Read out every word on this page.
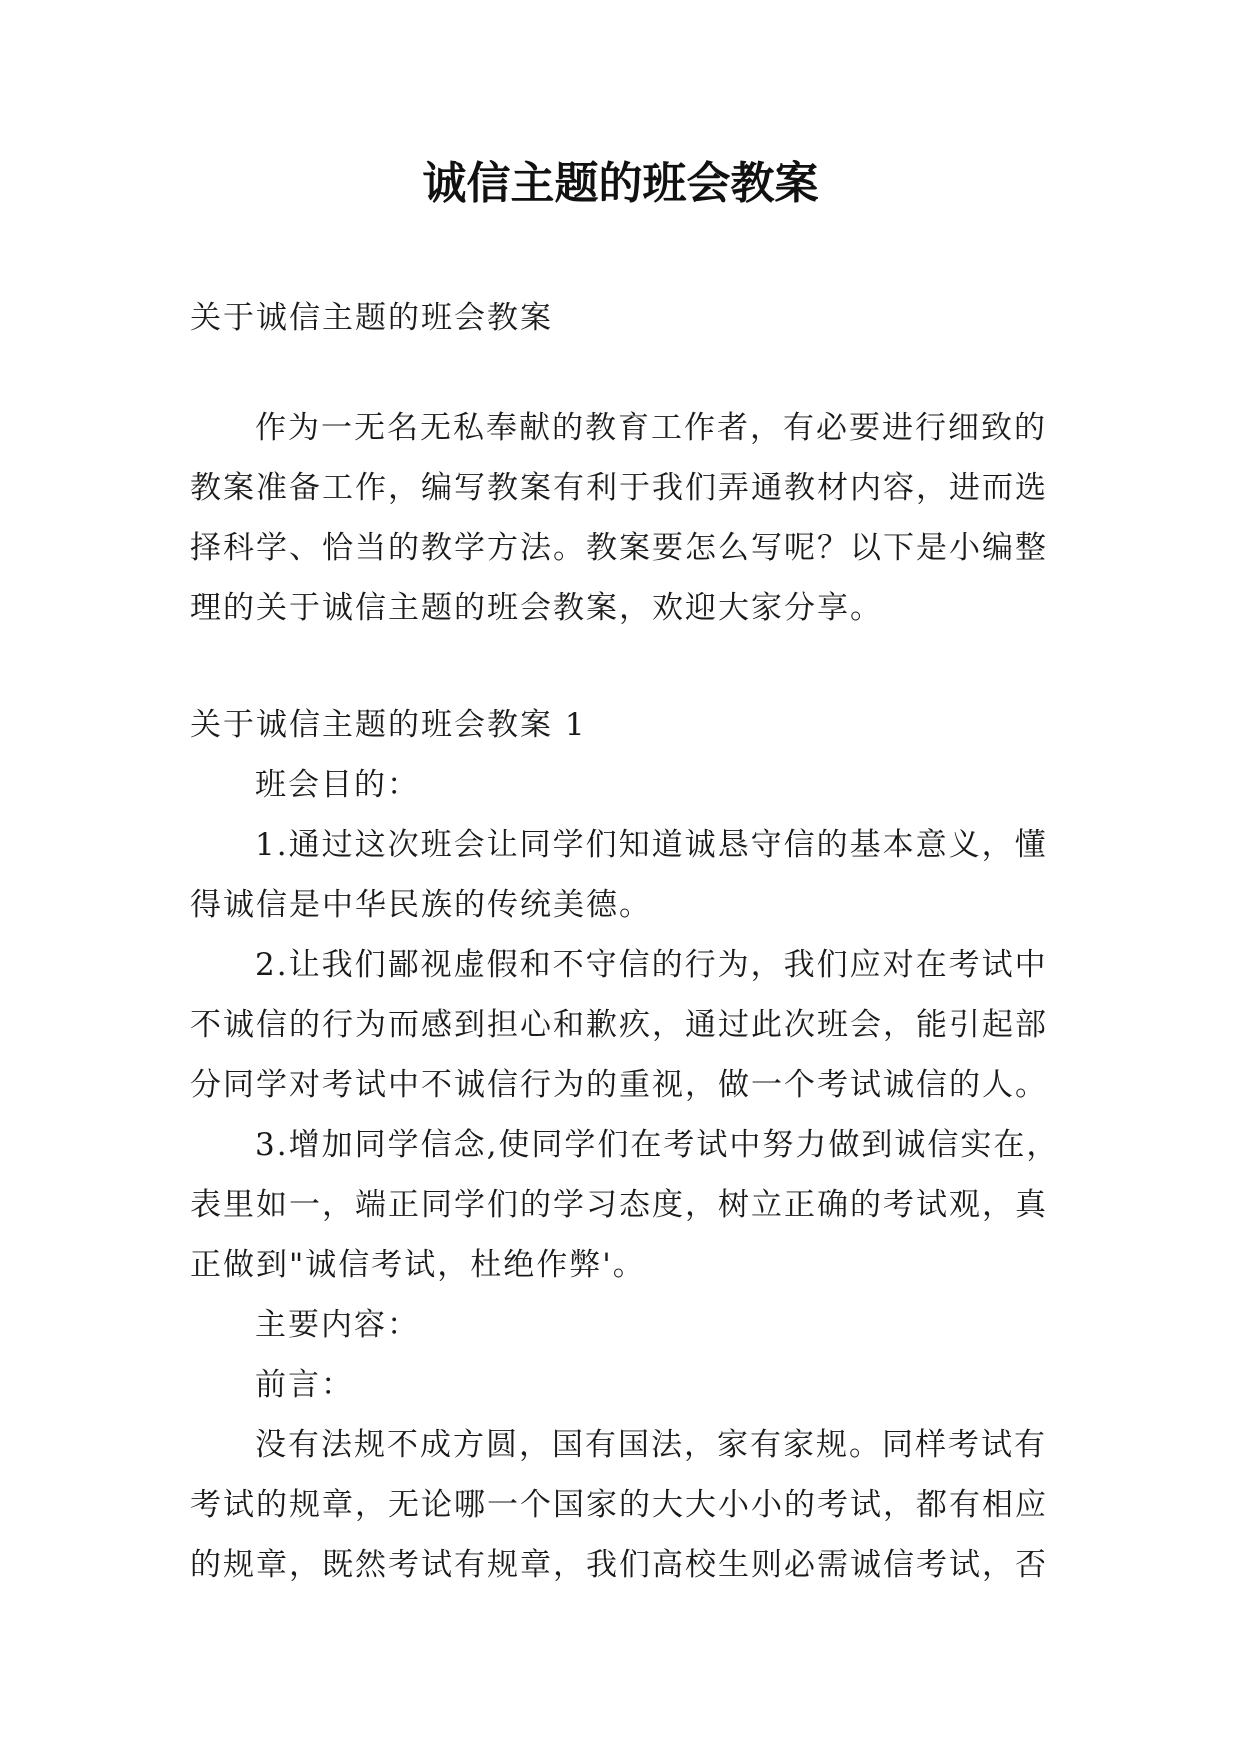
诚信主题的班会教案
关于诚信主题的班会教案
作为一无名无私奉献的教育工作者，有必要进行细致的
教案准备工作，编写教案有利于我们弄通教材内容，进而选
择科学、恰当的教学方法。教案要怎么写呢？以下是小编整
理的关于诚信主题的班会教案，欢迎大家分享。
关于诚信主题的班会教案 1
班会目的：
1.通过这次班会让同学们知道诚恳守信的基本意义，懂
得诚信是中华民族的传统美德。
2.让我们鄙视虚假和不守信的行为，我们应对在考试中
不诚信的行为而感到担心和歉疚，通过此次班会，能引起部
分同学对考试中不诚信行为的重视，做一个考试诚信的人。
3.增加同学信念,使同学们在考试中努力做到诚信实在，
表里如一，端正同学们的学习态度，树立正确的考试观，真
正做到"诚信考试，杜绝作弊'。
主要内容：
前言：
没有法规不成方圆，国有国法，家有家规。同样考试有
考试的规章，无论哪一个国家的大大小小的考试，都有相应
的规章，既然考试有规章，我们高校生则必需诚信考试，否
